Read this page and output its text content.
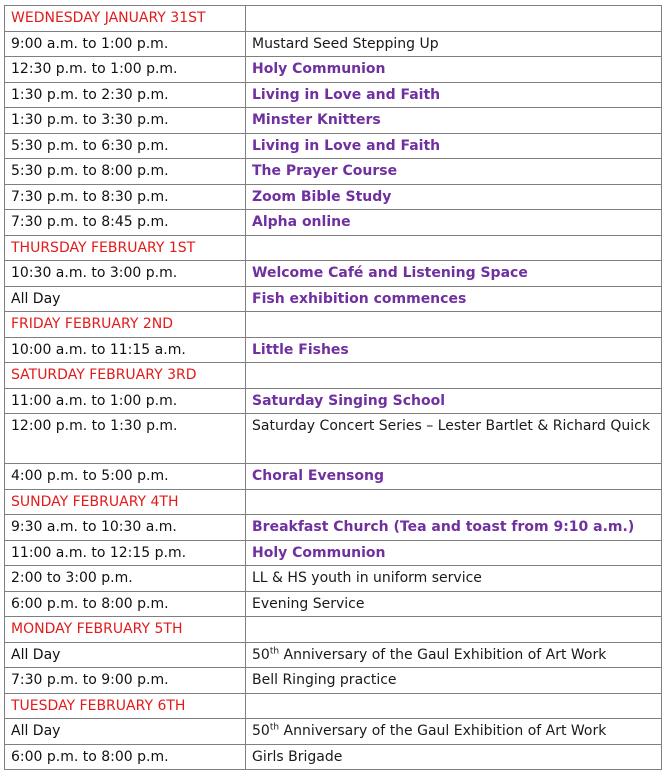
WEDNESDAY JANUARY 31ST	
9:00 a.m. to 1:00 p.m.	Mustard Seed Stepping Up
12:30 p.m. to 1:00 p.m.	Holy Communion
1:30 p.m. to 2:30 p.m.	Living in Love and Faith
1:30 p.m. to 3:30 p.m.	Minster Knitters
5:30 p.m. to 6:30 p.m.	Living in Love and Faith
5:30 p.m. to 8:00 p.m.	The Prayer Course
7:30 p.m. to 8:30 p.m.	Zoom Bible Study
7:30 p.m. to 8:45 p.m.	Alpha online
THURSDAY FEBRUARY 1ST	
10:30 a.m. to 3:00 p.m.	Welcome Café and Listening Space
All Day	Fish exhibition commences
FRIDAY FEBRUARY 2ND	
10:00 a.m. to 11:15 a.m.	Little Fishes
SATURDAY FEBRUARY 3RD	
11:00 a.m. to 1:00 p.m.	Saturday Singing School
12:00 p.m. to 1:30 p.m.	Saturday Concert Series – Lester Bartlet & Richard Quick
4:00 p.m. to 5:00 p.m.	Choral Evensong
SUNDAY FEBRUARY 4TH	
9:30 a.m. to 10:30 a.m.	Breakfast Church (Tea and toast from 9:10 a.m.)
11:00 a.m. to 12:15 p.m.	Holy Communion
2:00 to 3:00 p.m.	LL & HS youth in uniform service
6:00 p.m. to 8:00 p.m.	Evening Service
MONDAY FEBRUARY 5TH	
All Day	50th Anniversary of the Gaul Exhibition of Art Work
7:30 p.m. to 9:00 p.m.	Bell Ringing practice
TUESDAY FEBRUARY 6TH	
All Day	50th Anniversary of the Gaul Exhibition of Art Work
6:00 p.m. to 8:00 p.m.	Girls Brigade
